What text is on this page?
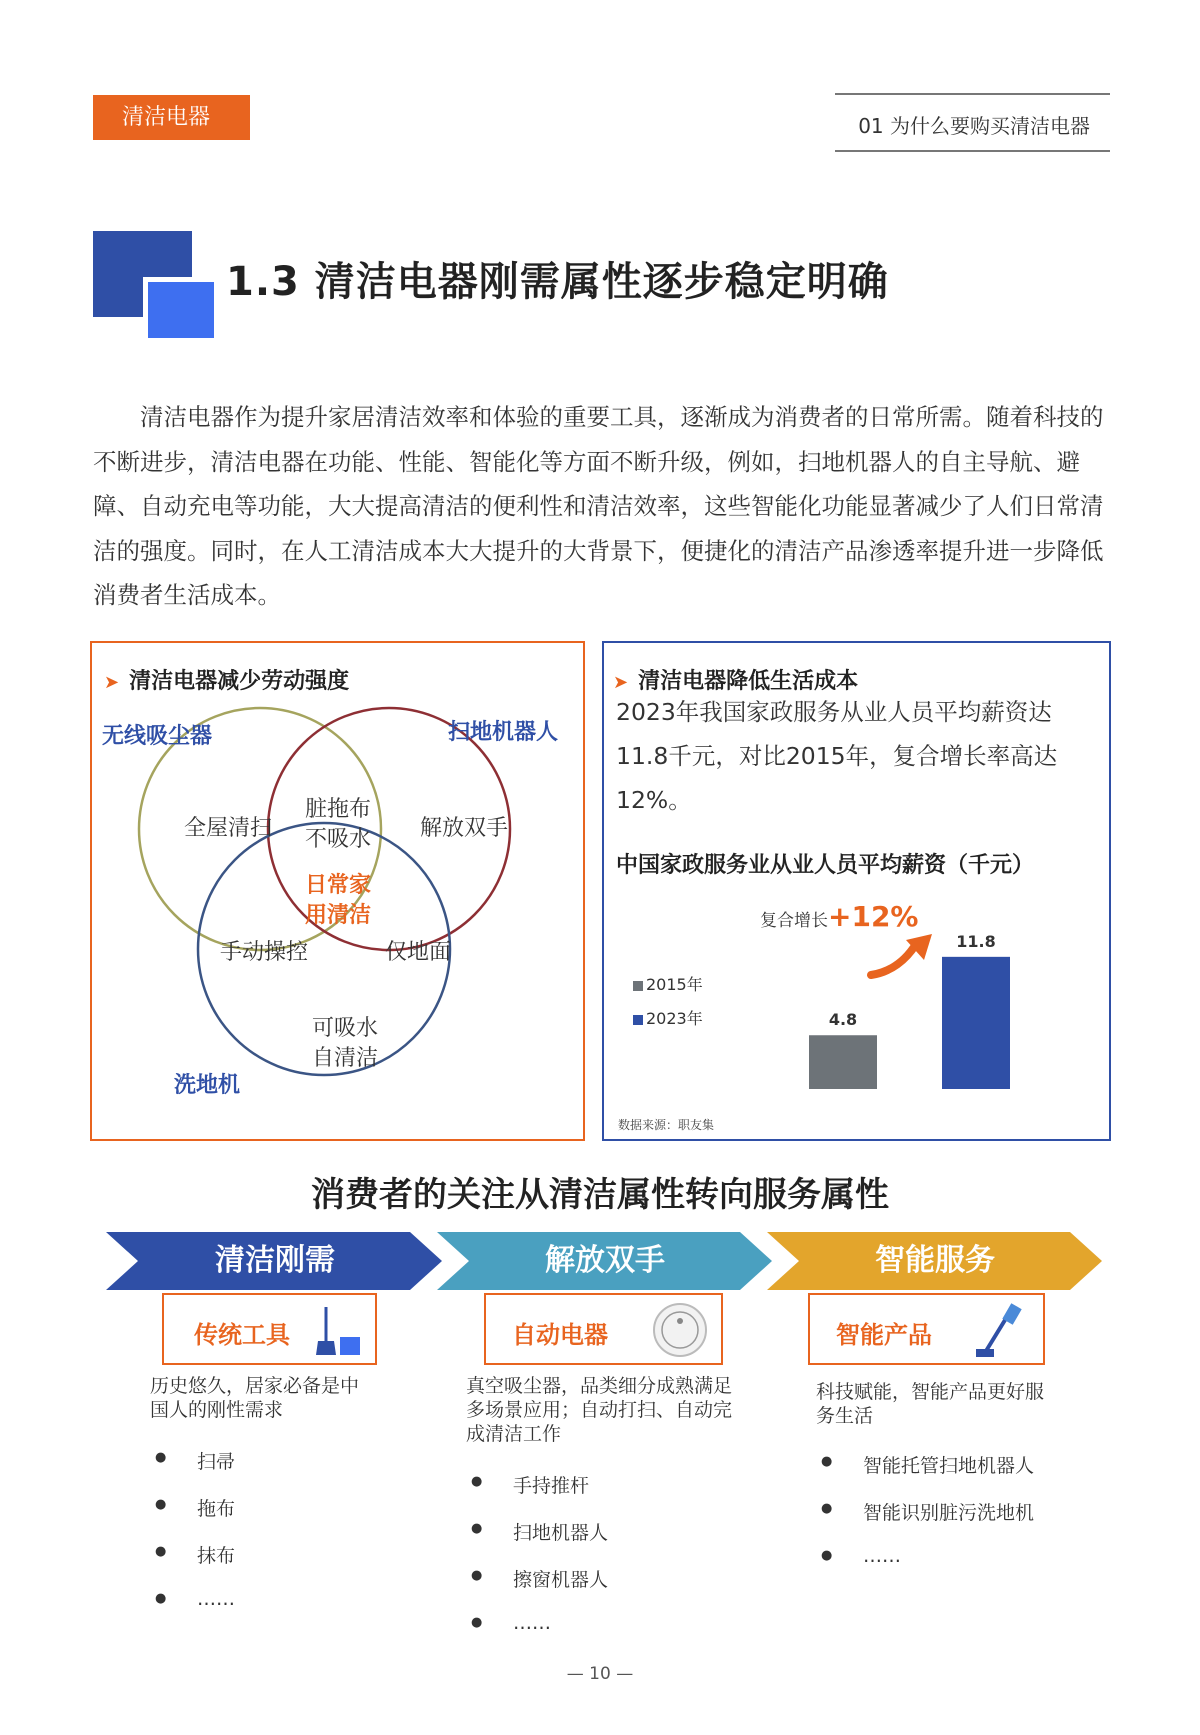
清洁电器	01 为什么要购买清洁电器
1.3 清洁电器刚需属性逐步稳定明确
清洁电器作为提升家居清洁效率和体验的重要工具，逐渐成为消费者的日常所需。随着科技的不断进步，清洁电器在功能、性能、智能化等方面不断升级，例如，扫地机器人的自主导航、避障、自动充电等功能，大大提高清洁的便利性和清洁效率，这些智能化功能显著减少了人们日常清洁的强度。同时，在人工清洁成本大大提升的大背景下，便捷化的清洁产品渗透率提升进一步降低消费者生活成本。
➤ 清洁电器减少劳动强度
无线吸尘器	扫地机器人
洗地机
全屋清扫
脏拖布
不吸水	解放双手
日常家
用清洁
手动操控	仅地面
可吸水
自清洁
➤ 清洁电器降低生活成本
2023年我国家政服务从业人员平均薪资达11.8千元，对比2015年，复合增长率高达12%。
中国家政服务业从业人员平均薪资（千元）
2015年
2023年
复合增长+12%
4.8
11.8
数据来源：职友集
消费者的关注从清洁属性转向服务属性
清洁刚需	解放双手	智能服务
传统工具
历史悠久，居家必备是中
国人的刚性需求
● 扫帚
● 拖布
● 抹布
● ……
自动电器
真空吸尘器，品类细分成熟满足
多场景应用；自动打扫、自动完
成清洁工作
● 手持推杆
● 扫地机器人
● 擦窗机器人
● ……
智能产品
科技赋能，智能产品更好服
务生活
● 智能托管扫地机器人
● 智能识别脏污洗地机
● ……
— 10 —
